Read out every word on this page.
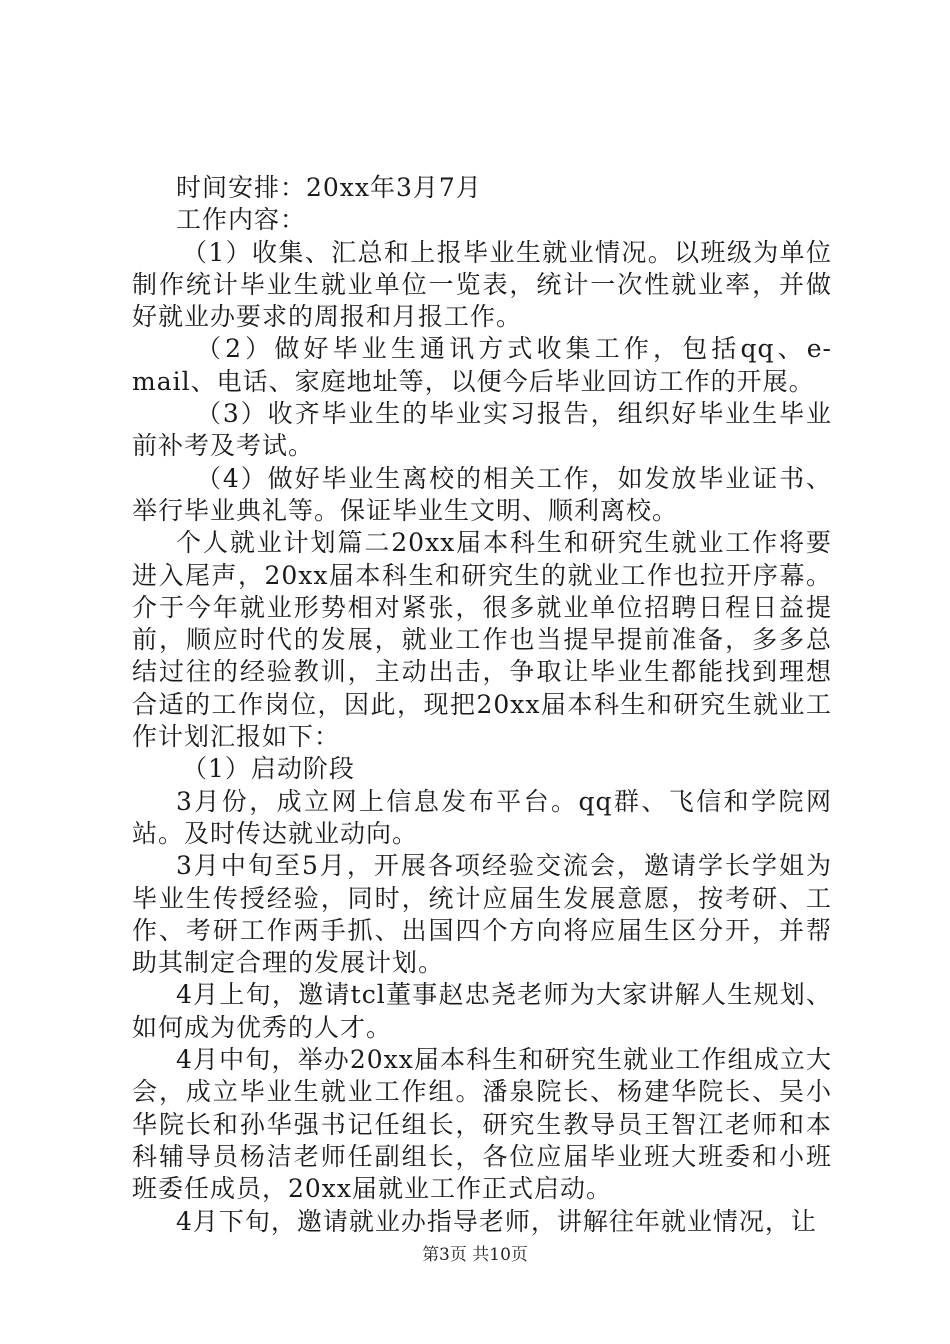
时间安排：20xx年3月7月

工作内容：

（1）收集、汇总和上报毕业生就业情况。以班级为单位制作统计毕业生就业单位一览表，统计一次性就业率，并做好就业办要求的周报和月报工作。

（2）做好毕业生通讯方式收集工作，包括qq、e-mail、电话、家庭地址等，以便今后毕业回访工作的开展。

（3）收齐毕业生的毕业实习报告，组织好毕业生毕业前补考及考试。

（4）做好毕业生离校的相关工作，如发放毕业证书、举行毕业典礼等。保证毕业生文明、顺利离校。

个人就业计划篇二20xx届本科生和研究生就业工作将要进入尾声，20xx届本科生和研究生的就业工作也拉开序幕。介于今年就业形势相对紧张，很多就业单位招聘日程日益提前，顺应时代的发展，就业工作也当提早提前准备，多多总结过往的经验教训，主动出击，争取让毕业生都能找到理想合适的工作岗位，因此，现把20xx届本科生和研究生就业工作计划汇报如下：

（1）启动阶段

3月份，成立网上信息发布平台。qq群、飞信和学院网站。及时传达就业动向。

3月中旬至5月，开展各项经验交流会，邀请学长学姐为毕业生传授经验，同时，统计应届生发展意愿，按考研、工作、考研工作两手抓、出国四个方向将应届生区分开，并帮助其制定合理的发展计划。

4月上旬，邀请tcl董事赵忠尧老师为大家讲解人生规划、如何成为优秀的人才。

4月中旬，举办20xx届本科生和研究生就业工作组成立大会，成立毕业生就业工作组。潘泉院长、杨建华院长、吴小华院长和孙华强书记任组长，研究生教导员王智江老师和本科辅导员杨洁老师任副组长，各位应届毕业班大班委和小班班委任成员，20xx届就业工作正式启动。

4月下旬，邀请就业办指导老师，讲解往年就业情况，让

第3页 共10页
